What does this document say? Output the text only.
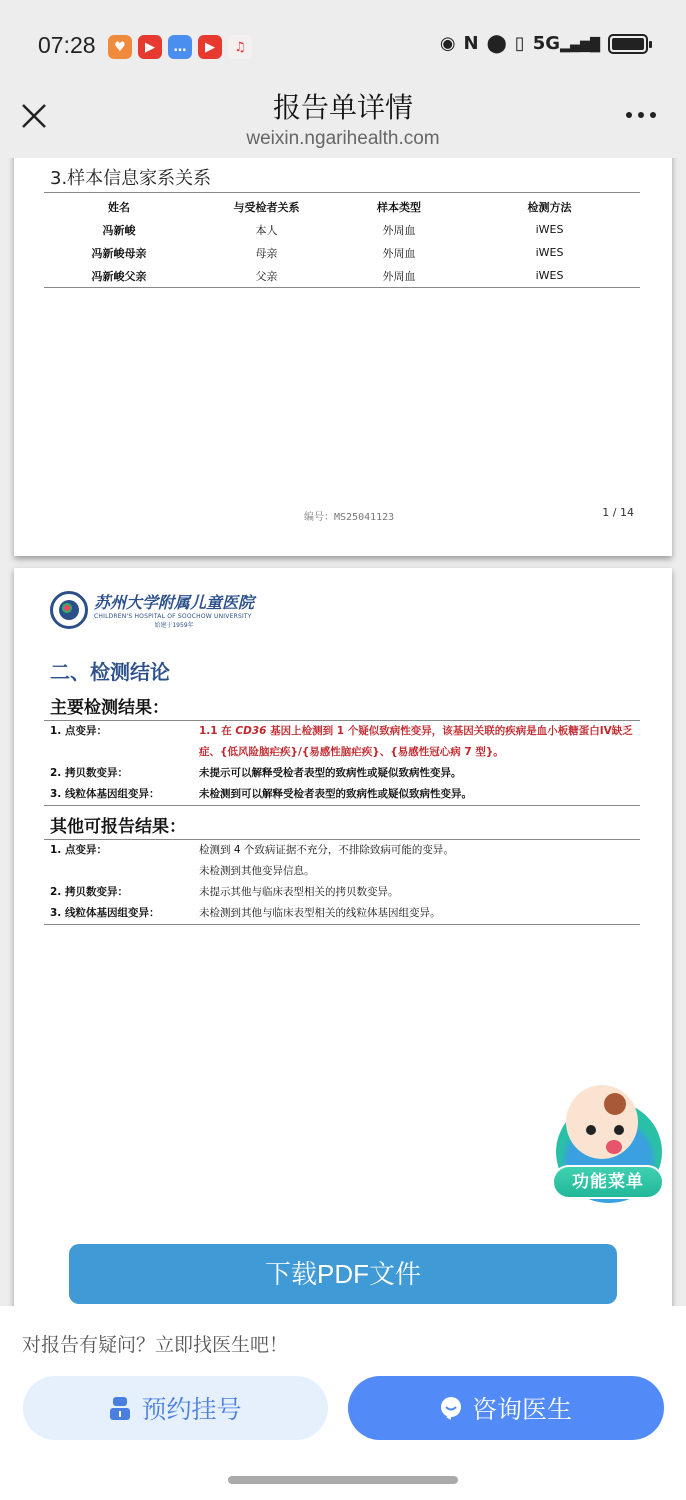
07:28	♥	▶	…	▶	♫	◉ N ⬤ ▯ 5G▂▄▆█
报告单详情
weixin.ngarihealth.com
3.样本信息家系关系
姓名	与受检者关系	样本类型	检测方法
冯新峻	本人	外周血	iWES
冯新峻母亲	母亲	外周血	iWES
冯新峻父亲	父亲	外周血	iWES
编号：MS25041123	1 / 14
苏州大学附属儿童医院
CHILDREN'S HOSPITAL OF SOOCHOW UNIVERSITY
始建于1959年
二、检测结论
主要检测结果：
1. 点变异：	1.1 在 CD36 基因上检测到 1 个疑似致病性变异，该基因关联的疾病是血小板糖蛋白IV缺乏症、{低风险脑疟疾}/{易感性脑疟疾}、{易感性冠心病 7 型}。
2. 拷贝数变异：	未提示可以解释受检者表型的致病性或疑似致病性变异。
3. 线粒体基因组变异：	未检测到可以解释受检者表型的致病性或疑似致病性变异。
其他可报告结果：
1. 点变异：	检测到 4 个致病证据不充分，不排除致病可能的变异。
未检测到其他变异信息。
2. 拷贝数变异：	未提示其他与临床表型相关的拷贝数变异。
3. 线粒体基因组变异：	未检测到其他与临床表型相关的线粒体基因组变异。
功能菜单
下载PDF文件
对报告有疑问？立即找医生吧！
预约挂号	咨询医生
